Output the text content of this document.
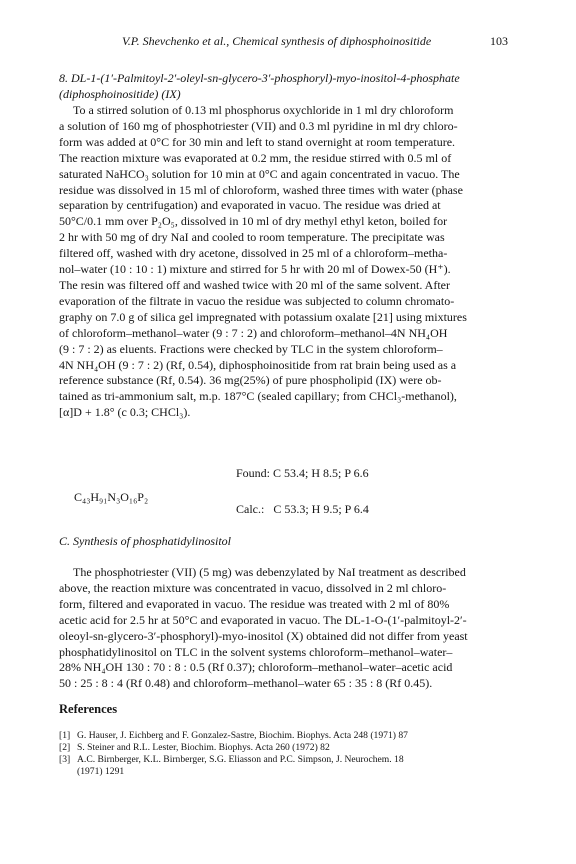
V.P. Shevchenko et al., Chemical synthesis of diphosphoinositide	103

8. DL-1-(1′-Palmitoyl-2′-oleyl-sn-glycero-3′-phosphoryl)-myo-inositol-4-phosphate

(diphosphoinositide) (IX)

To a stirred solution of 0.13 ml phosphorus oxychloride in 1 ml dry chloroform
a solution of 160 mg of phosphotriester (VII) and 0.3 ml pyridine in ml dry chloro-
form was added at 0°C for 30 min and left to stand overnight at room temperature.
The reaction mixture was evaporated at 0.2 mm, the residue stirred with 0.5 ml of
saturated NaHCO₃ solution for 10 min at 0°C and again concentrated in vacuo. The
residue was dissolved in 15 ml of chloroform, washed three times with water (phase
separation by centrifugation) and evaporated in vacuo. The residue was dried at
50°C/0.1 mm over P₂O₅, dissolved in 10 ml of dry methyl ethyl keton, boiled for
2 hr with 50 mg of dry NaI and cooled to room temperature. The precipitate was
filtered off, washed with dry acetone, dissolved in 25 ml of a chloroform–metha-
nol–water (10 : 10 : 1) mixture and stirred for 5 hr with 20 ml of Dowex-50 (H⁺).
The resin was filtered off and washed twice with 20 ml of the same solvent. After
evaporation of the filtrate in vacuo the residue was subjected to column chromato-
graphy on 7.0 g of silica gel impregnated with potassium oxalate [21] using mixtures
of chloroform–methanol–water (9 : 7 : 2) and chloroform–methanol–4N NH₄OH
(9 : 7 : 2) as eluents. Fractions were checked by TLC in the system chloroform–
4N NH₄OH (9 : 7 : 2) (Rf, 0.54), diphosphoinositide from rat brain being used as a
reference substance (Rf, 0.54). 36 mg(25%) of pure phospholipid (IX) were ob-
tained as tri-ammonium salt, m.p. 187°C (sealed capillary; from CHCl₃-methanol),
[α]D + 1.8° (c 0.3; CHCl₃).
Found: C 53.4; H 8.5; P 6.6
C₄₃H₉₁N₃O₁₆P₂
Calc.:   C 53.3; H 9.5; P 6.4

C. Synthesis of phosphatidylinositol

The phosphotriester (VII) (5 mg) was debenzylated by NaI treatment as described
above, the reaction mixture was concentrated in vacuo, dissolved in 2 ml chloro-
form, filtered and evaporated in vacuo. The residue was treated with 2 ml of 80%
acetic acid for 2.5 hr at 50°C and evaporated in vacuo. The DL-1-O-(1′-palmitoyl-2′-
oleoyl-sn-glycero-3′-phosphoryl)-myo-inositol (X) obtained did not differ from yeast
phosphatidylinositol on TLC in the solvent systems chloroform–methanol–water–
28% NH₄OH 130 : 70 : 8 : 0.5 (Rf 0.37); chloroform–methanol–water–acetic acid
50 : 25 : 8 : 4 (Rf 0.48) and chloroform–methanol–water 65 : 35 : 8 (Rf 0.45).
References
[1] G. Hauser, J. Eichberg and F. Gonzalez-Sastre, Biochim. Biophys. Acta 248 (1971) 87
[2] S. Steiner and R.L. Lester, Biochim. Biophys. Acta 260 (1972) 82
[3] A.C. Birnberger, K.L. Birnberger, S.G. Eliasson and P.C. Simpson, J. Neurochem. 18
(1971) 1291
